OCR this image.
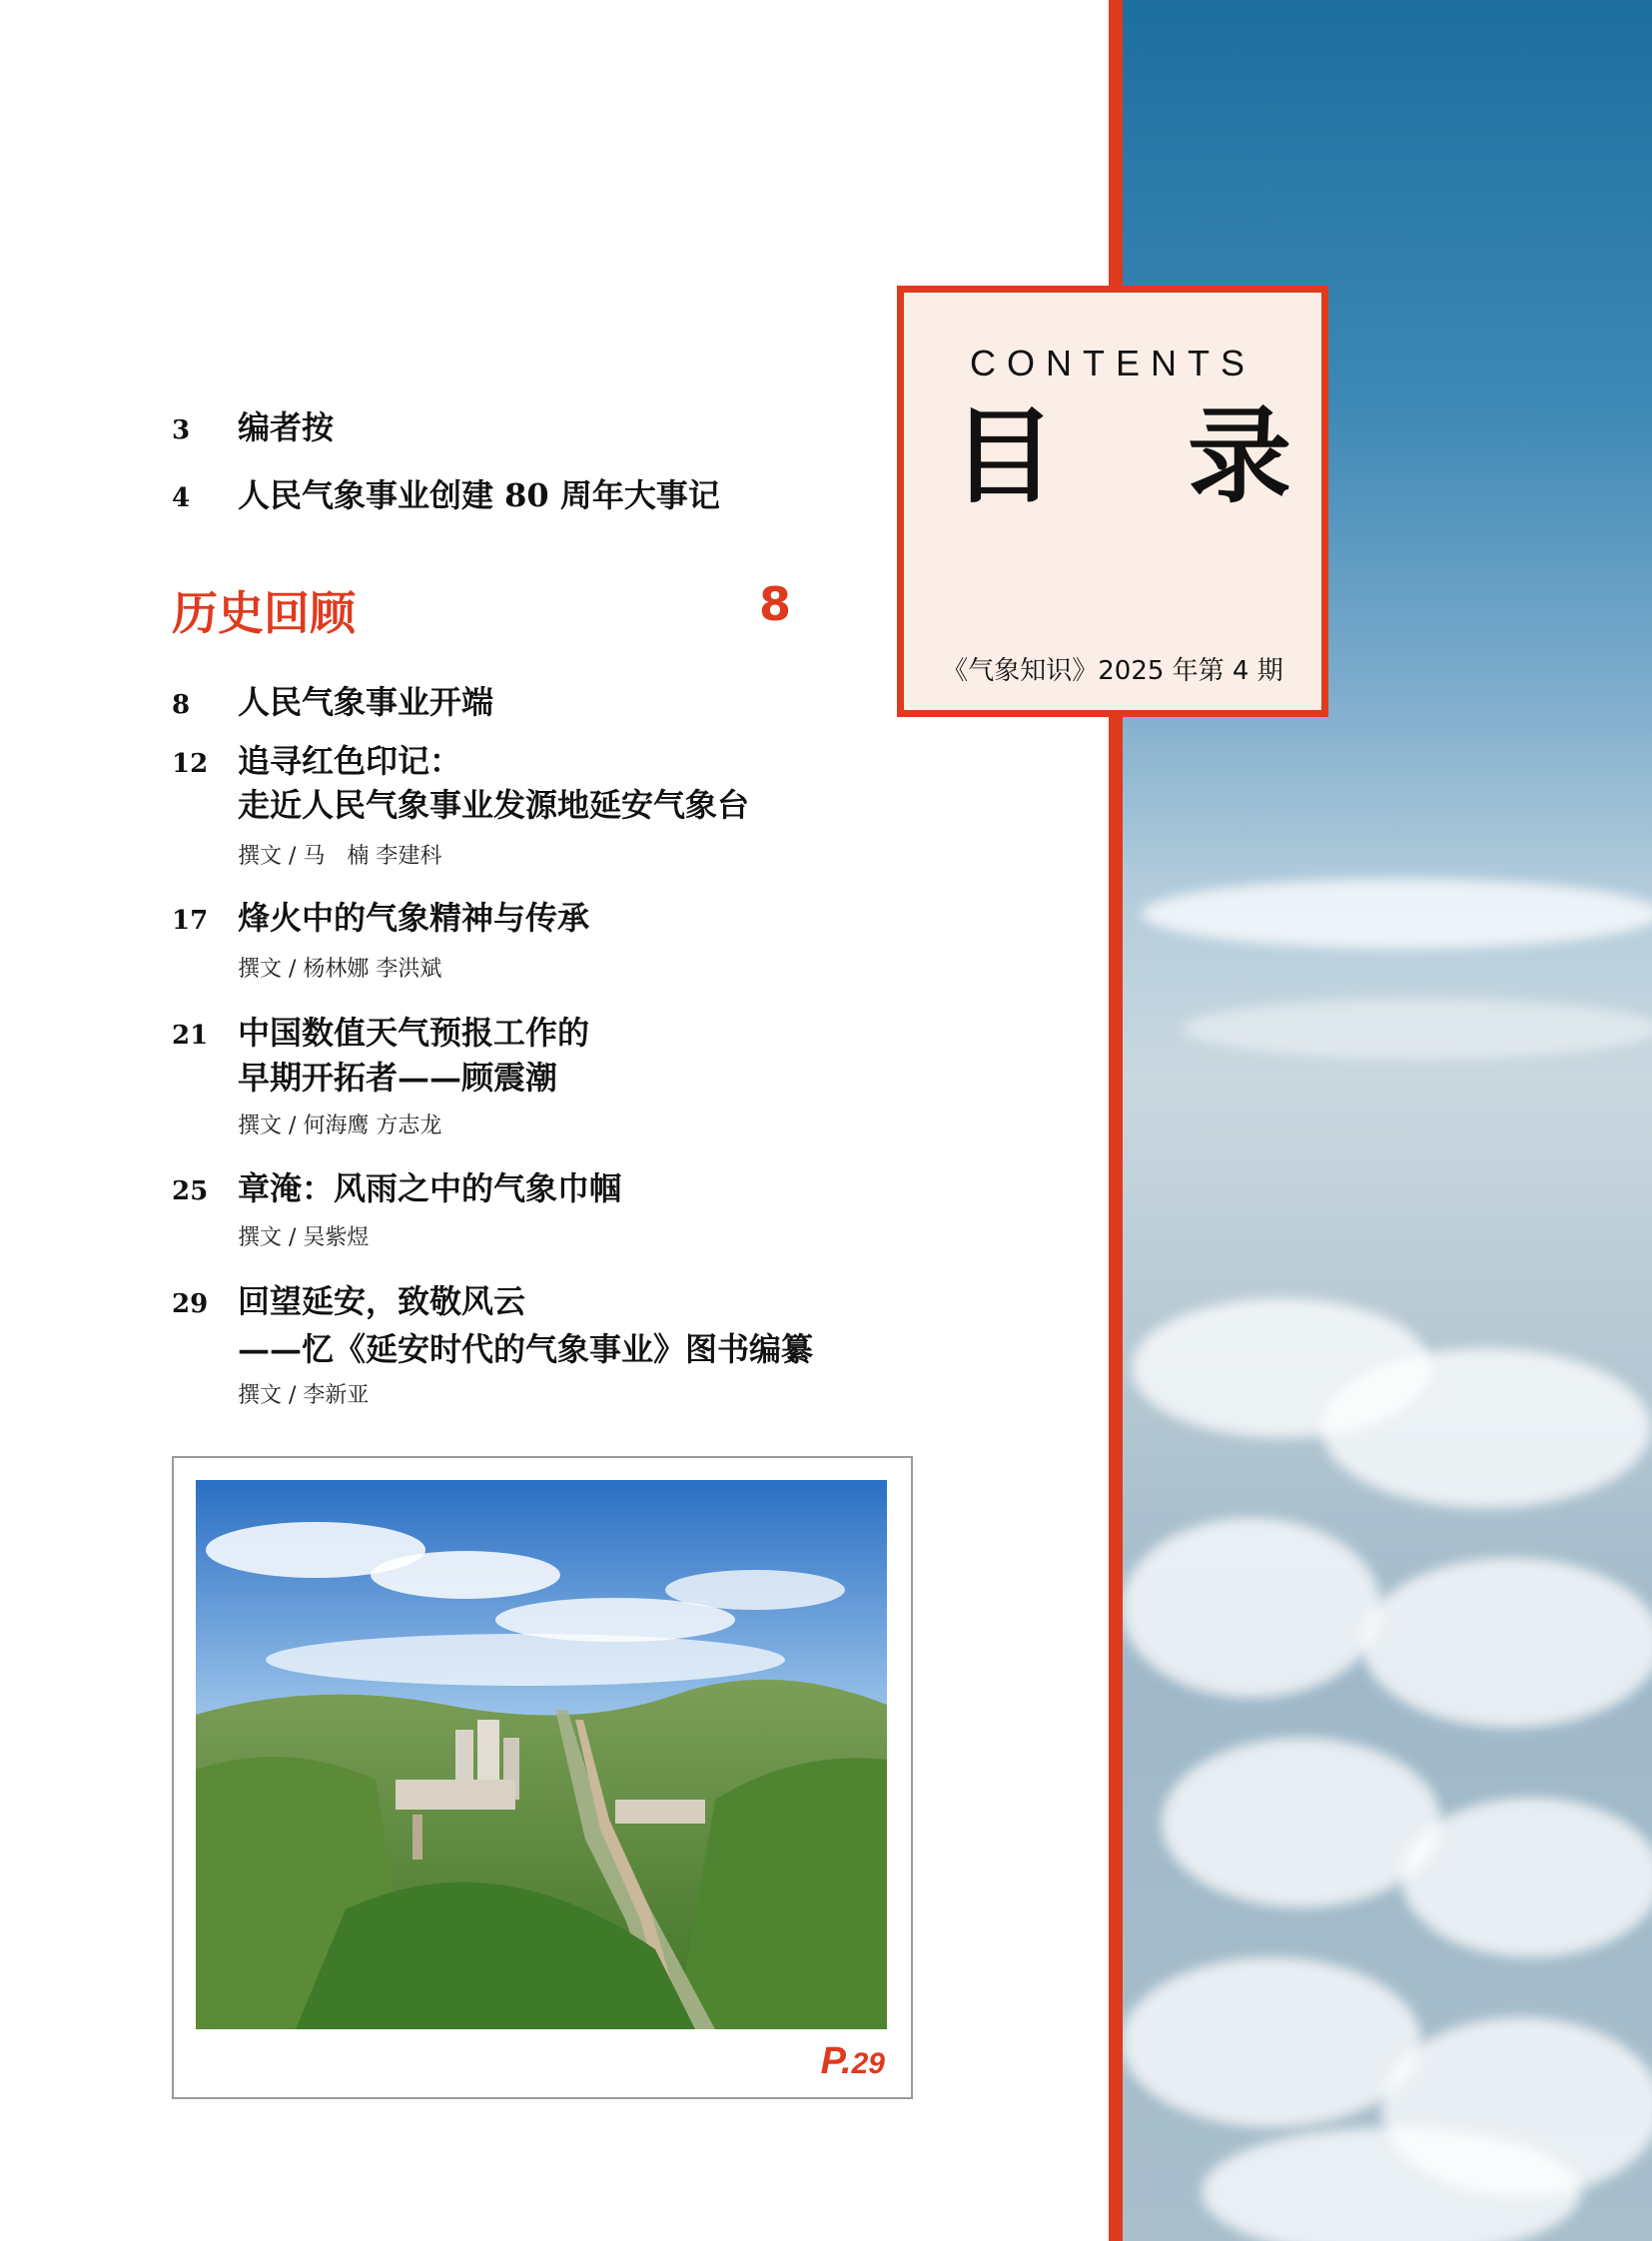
CONTENTS
目 录
《气象知识》2025 年第 4 期
3	编者按
4	人民气象事业创建 80 周年大事记
历史回顾	8
8	人民气象事业开端
12 追寻红色印记：
走近人民气象事业发源地延安气象台
撰文 / 马　楠 李建科
17 烽火中的气象精神与传承
撰文 / 杨林娜 李洪斌
21 中国数值天气预报工作的
早期开拓者——顾震潮
撰文 / 何海鹰 方志龙
25 章淹：风雨之中的气象巾帼
撰文 / 吴紫煜
29 回望延安，致敬风云
——忆《延安时代的气象事业》图书编纂
撰文 / 李新亚
P.29
